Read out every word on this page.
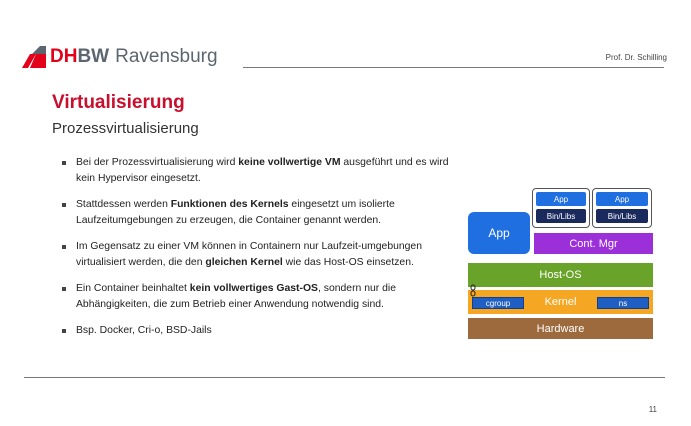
DHBW Ravensburg	Prof. Dr. Schilling
Virtualisierung
Prozessvirtualisierung
Bei der Prozessvirtualisierung wird keine vollwertige VM ausgeführt und es wird kein Hypervisor eingesetzt.
Stattdessen werden Funktionen des Kernels eingesetzt um isolierte Laufzeitumgebungen zu erzeugen, die Container genannt werden.
Im Gegensatz zu einer VM können in Containern nur Laufzeit-umgebungen virtualisiert werden, die den gleichen Kernel wie das Host-OS einsetzen.
Ein Container beinhaltet kein vollwertiges Gast-OS, sondern nur die Abhängigkeiten, die zum Betrieb einer Anwendung notwendig sind.
Bsp. Docker, Cri-o, BSD-Jails
App
Bin/Libs
App
Bin/Libs
App
Cont. Mgr
Host-OS
Kernel
cgroup	ns
Hardware
11
